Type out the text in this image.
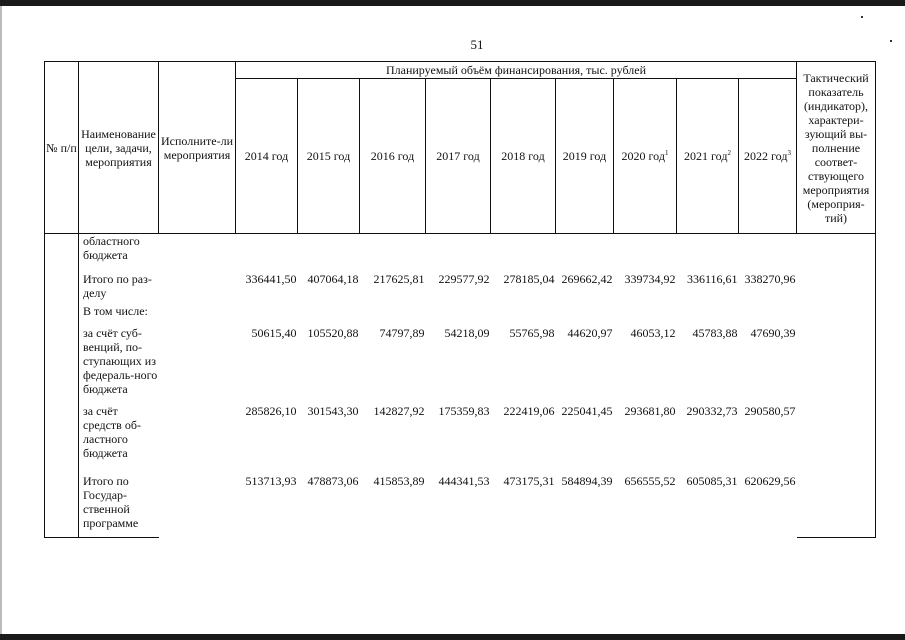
51
№ п/п	Наименование цели, задачи, мероприятия	Исполните-ли мероприятия	Планируемый объём финансирования, тыс. рублей									Тактический показатель (индикатор), характери-зующий вы-полнение соответ-ствующего мероприятия (мероприя-тий)
			2014 год	2015 год	2016 год	2017 год	2018 год	2019 год	2020 год$^1$	2021 год$^2$	2022 год$^3$
	областного бюджета											
	Итого по раз-делу		336441,50	407064,18	217625,81	229577,92	278185,04	269662,42	339734,92	336116,61	338270,96	
	В том числе:											
	за счёт суб-венций, по-ступающих из федераль-ного бюджета		50615,40	105520,88	74797,89	54218,09	55765,98	44620,97	46053,12	45783,88	47690,39	
	за счёт средств об-ластного бюджета		285826,10	301543,30	142827,92	175359,83	222419,06	225041,45	293681,80	290332,73	290580,57	
	Итого по Государ-ственной программе		513713,93	478873,06	415853,89	444341,53	473175,31	584894,39	656555,52	605085,31	620629,56	
